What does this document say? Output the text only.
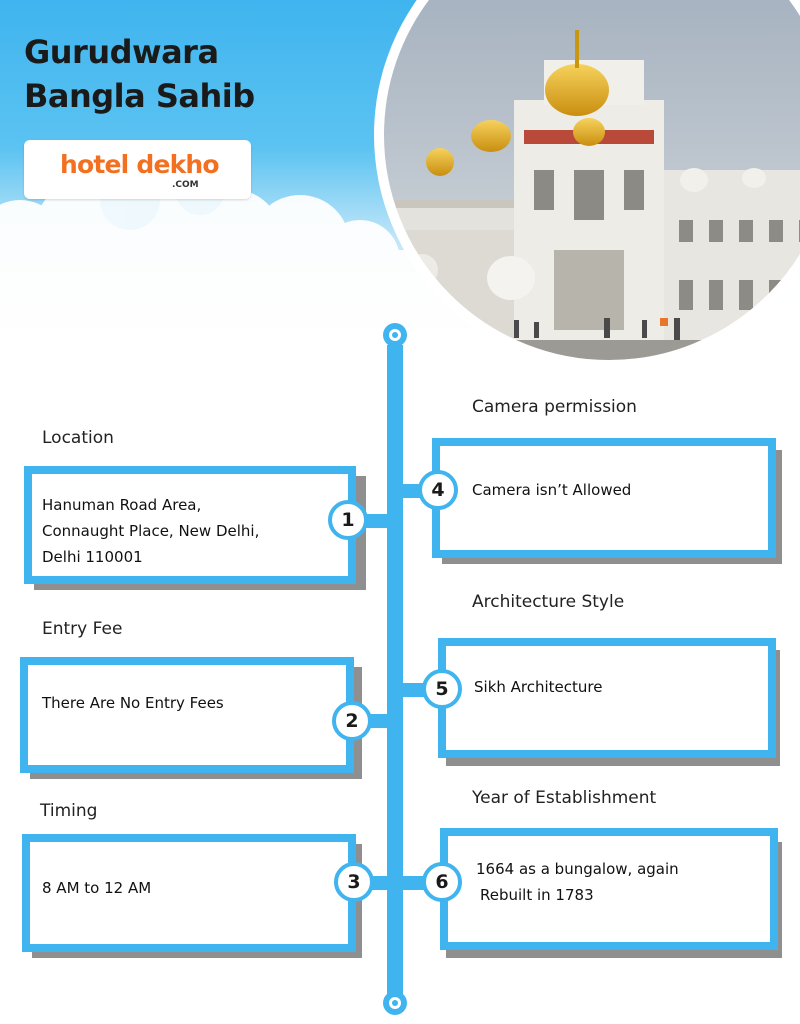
Gurudwara
Bangla Sahib
hotel dekho
.COM

Location

Hanuman Road Area,
Connaught Place, New Delhi,
Delhi 110001
1

Entry Fee

There Are No Entry Fees
2

Timing

8 AM to 12 AM	3

Camera permission

Camera isn’t Allowed
4

Architecture Style

Sikh Architecture
5

Year of Establishment

1664 as a bungalow, again
Rebuilt in 1783
6
